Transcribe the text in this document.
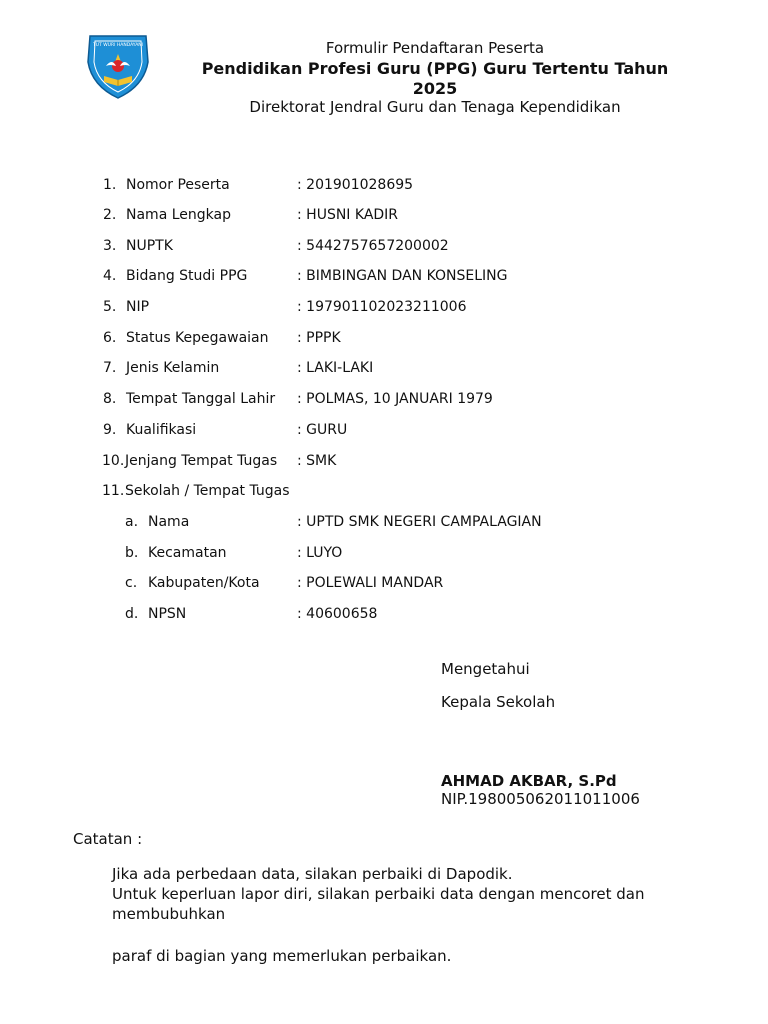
TUT WURI HANDAYANI	Formulir Pendaftaran Peserta
Pendidikan Profesi Guru (PPG) Guru Tertentu Tahun
2025
Direktorat Jendral Guru dan Tenaga Kependidikan
1. Nomor Peserta	: 201901028695
2. Nama Lengkap	: HUSNI KADIR
3. NUPTK	: 5442757657200002
4. Bidang Studi PPG	: BIMBINGAN DAN KONSELING
5. NIP	: 197901102023211006
6. Status Kepegawaian : PPPK
7. Jenis Kelamin	: LAKI-LAKI
8. Tempat Tanggal Lahir : POLMAS, 10 JANUARI 1979
9. Kualifikasi	: GURU
10. Jenjang Tempat Tugas : SMK
11. Sekolah / Tempat Tugas
a. Nama	: UPTD SMK NEGERI CAMPALAGIAN
b. Kecamatan	: LUYO
c. Kabupaten/Kota	: POLEWALI MANDAR
d. NPSN	: 40600658
Mengetahui
Kepala Sekolah
AHMAD AKBAR, S.Pd
NIP.198005062011011006
Catatan :
Jika ada perbedaan data, silakan perbaiki di Dapodik.
Untuk keperluan lapor diri, silakan perbaiki data dengan mencoret dan
membubuhkan
paraf di bagian yang memerlukan perbaikan.
